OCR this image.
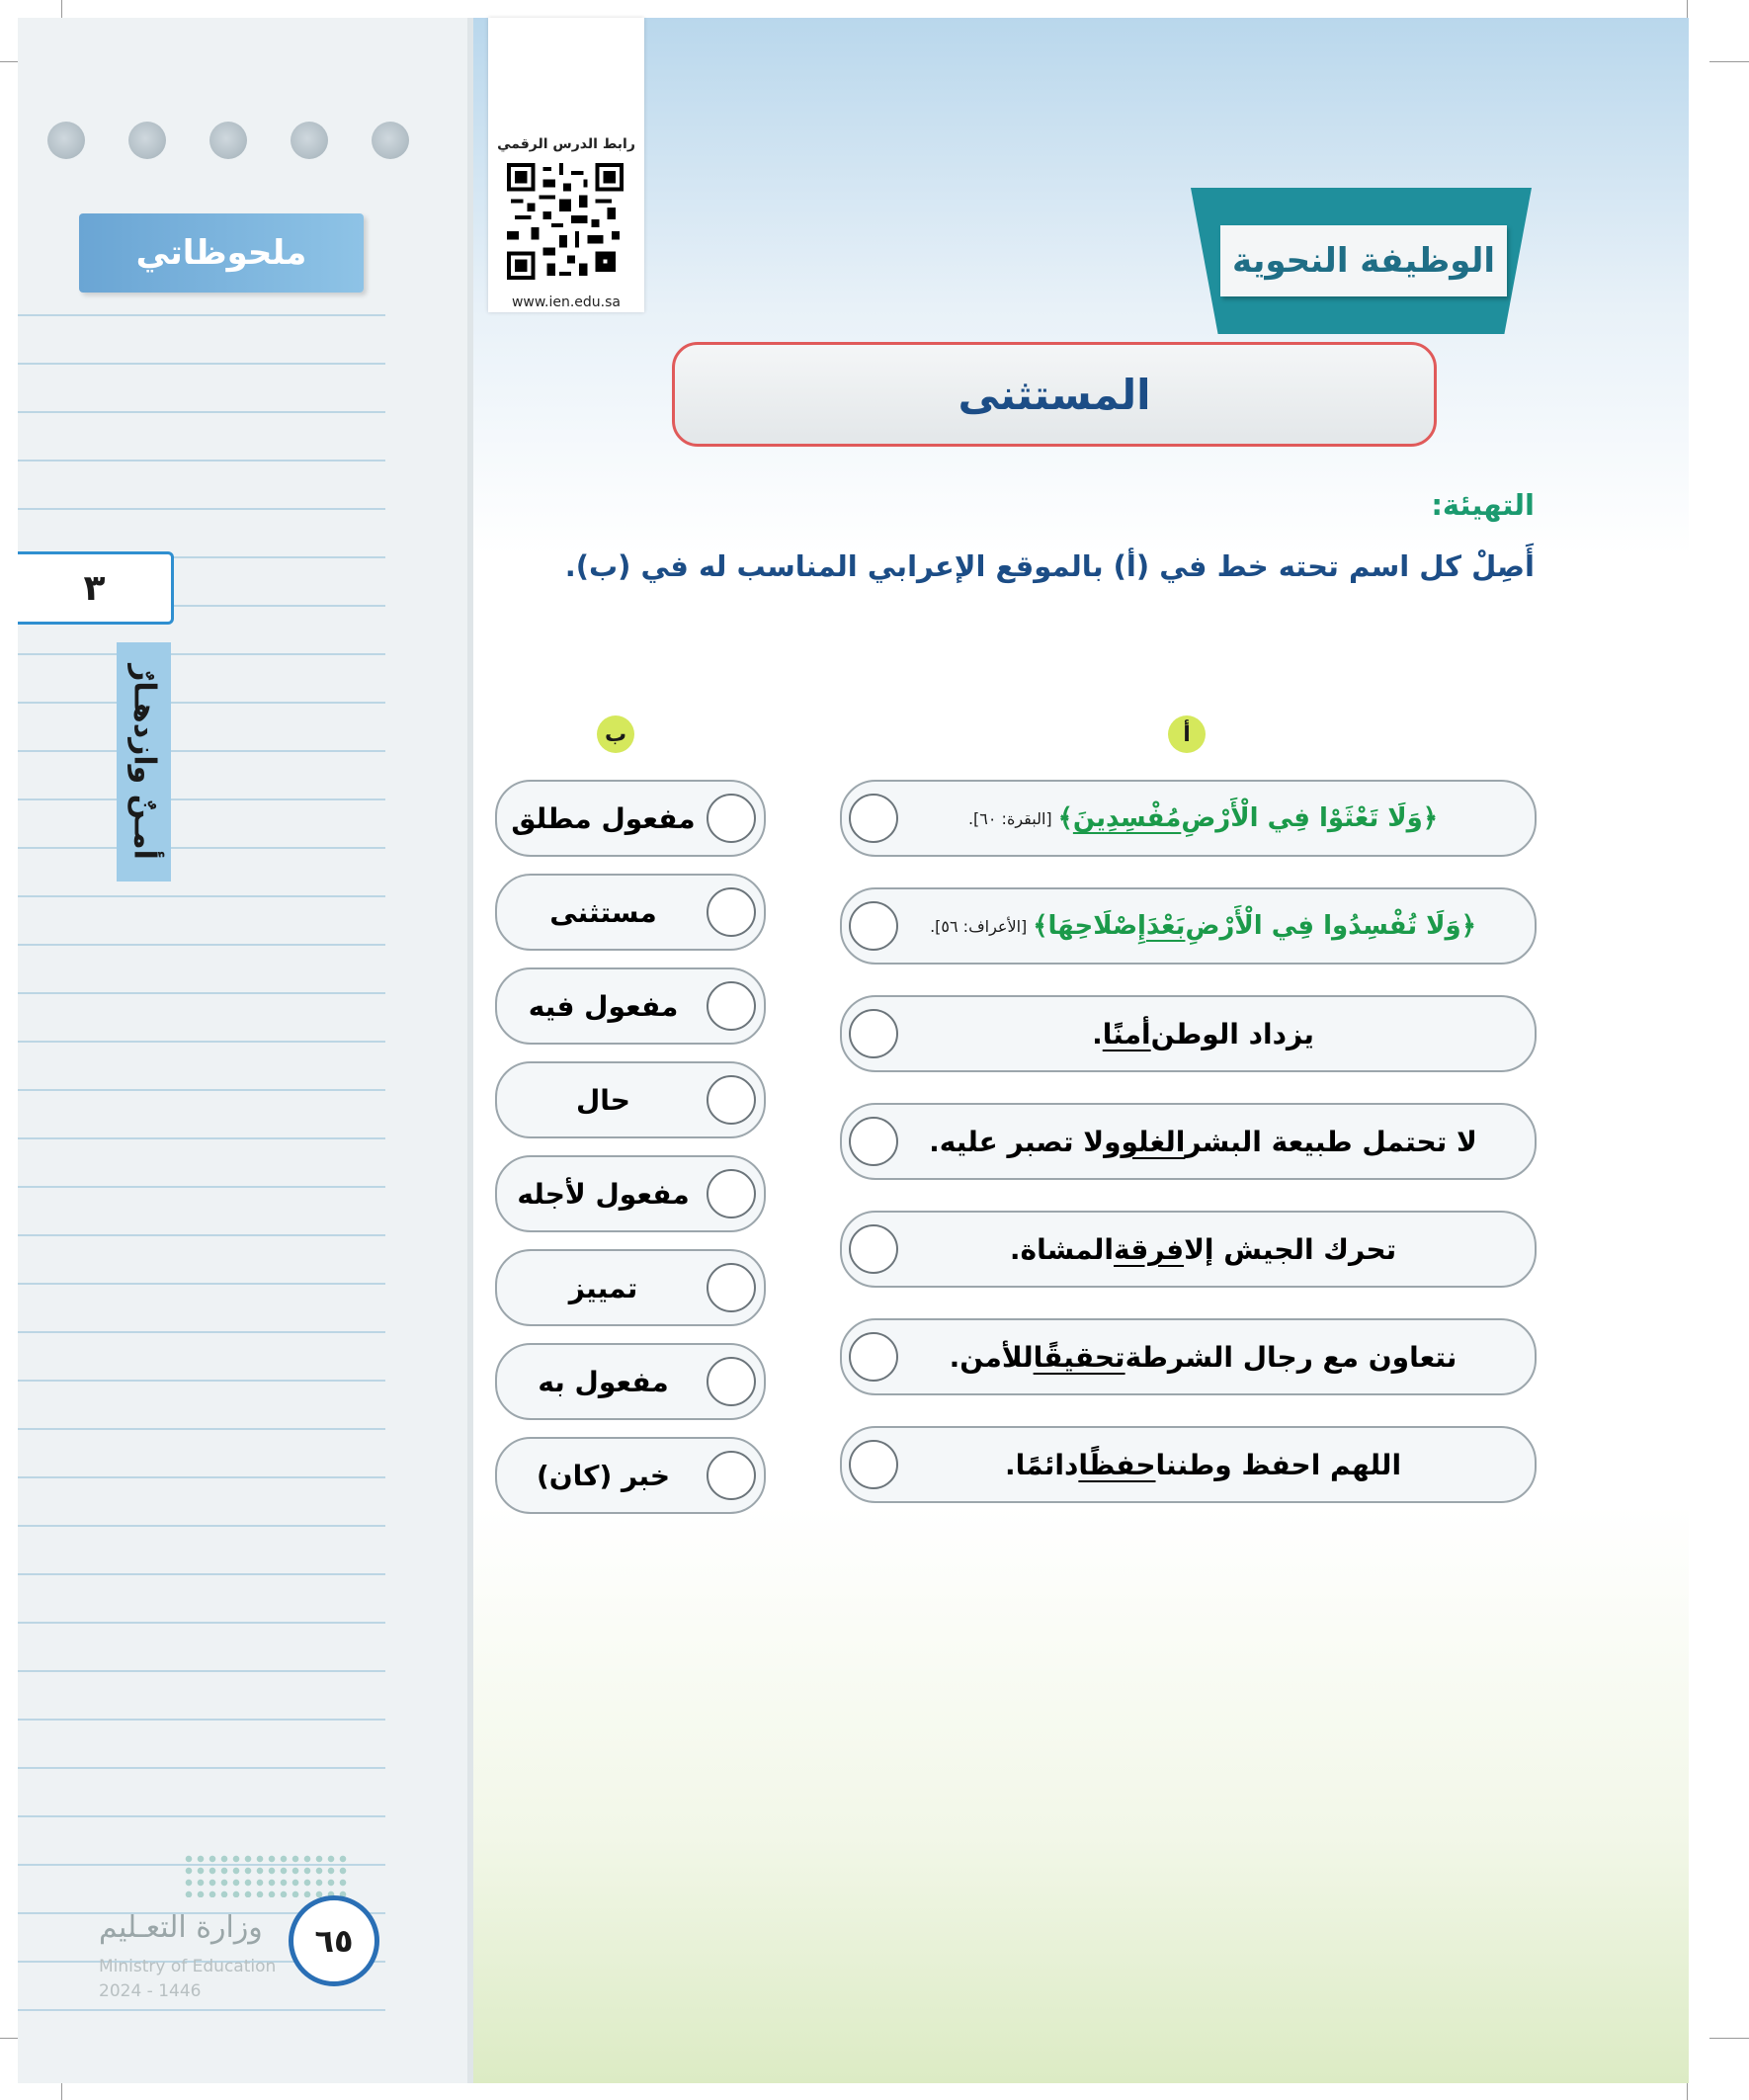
ملحوظاتي
٣
أمـنٌ وازدهـارٌ
وزارة التعـليم
Ministry of Education
2024 - 1446
٦٥
رابط الدرس الرقمي
www.ien.edu.sa
الوظيفة النحوية
المستثنى
التهيئة:
أَصِلْ كل اسم تحته خط في (أ) بالموقع الإعرابي المناسب له في (ب).
أ
ب
﴿وَلَا تَعْثَوْا فِي الْأَرْضِ
مُفْسِدِينَ
﴾
[البقرة: ٦٠].
﴿وَلَا تُفْسِدُوا فِي الْأَرْضِ
بَعْدَ
إِصْلَاحِهَا﴾
[الأعراف: ٥٦].
يزداد الوطن
أمنًا
.
لا تحتمل طبيعة البشر
الغلو
ولا تصبر عليه.
تحرك الجيش إلا
فرقة
المشاة.
نتعاون مع رجال الشرطة
تحقيقًا
للأمن.
اللهم احفظ وطننا
حفظًا
دائمًا.
مفعول مطلق
مستثنى
مفعول فيه
حال
مفعول لأجله
تمييز
مفعول به
خبر (كان)
